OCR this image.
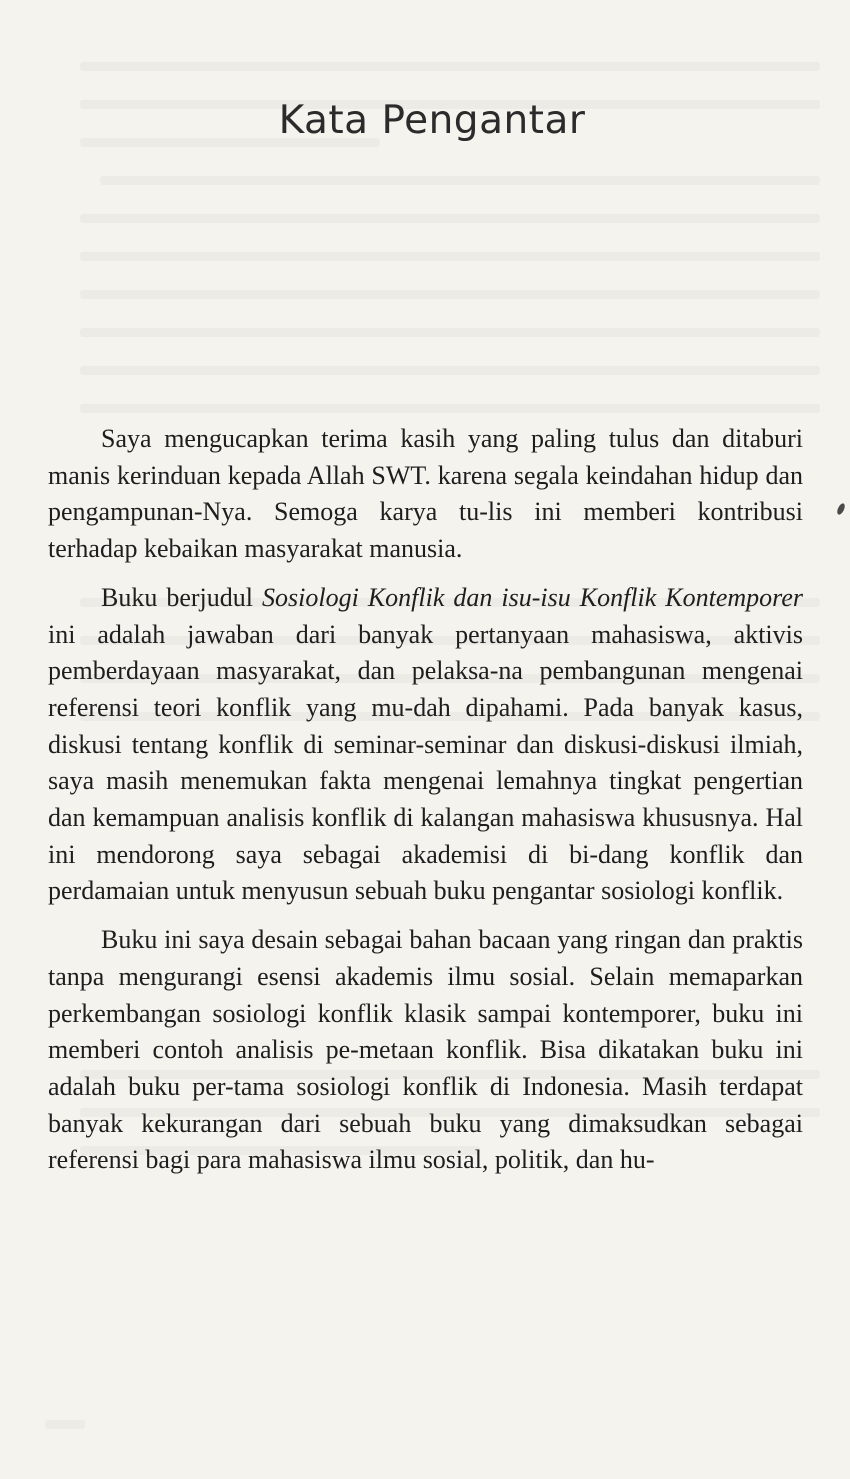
Kata Pengantar

Saya mengucapkan terima kasih yang paling tulus dan ditaburi manis kerinduan kepada Allah SWT. karena segala keindahan hidup dan pengampunan-Nya. Semoga karya tu-lis ini memberi kontribusi terhadap kebaikan masyarakat manusia.

Buku berjudul Sosiologi Konflik dan isu-isu Konflik Kontemporer ini adalah jawaban dari banyak pertanyaan mahasiswa, aktivis pemberdayaan masyarakat, dan pelaksa-na pembangunan mengenai referensi teori konflik yang mu-dah dipahami. Pada banyak kasus, diskusi tentang konflik di seminar-seminar dan diskusi-diskusi ilmiah, saya masih menemukan fakta mengenai lemahnya tingkat pengertian dan kemampuan analisis konflik di kalangan mahasiswa khususnya. Hal ini mendorong saya sebagai akademisi di bi-dang konflik dan perdamaian untuk menyusun sebuah buku pengantar sosiologi konflik.

Buku ini saya desain sebagai bahan bacaan yang ringan dan praktis tanpa mengurangi esensi akademis ilmu sosial. Selain memaparkan perkembangan sosiologi konflik klasik sampai kontemporer, buku ini memberi contoh analisis pe-metaan konflik. Bisa dikatakan buku ini adalah buku per-tama sosiologi konflik di Indonesia. Masih terdapat banyak kekurangan dari sebuah buku yang dimaksudkan sebagai referensi bagi para mahasiswa ilmu sosial, politik, dan hu-
